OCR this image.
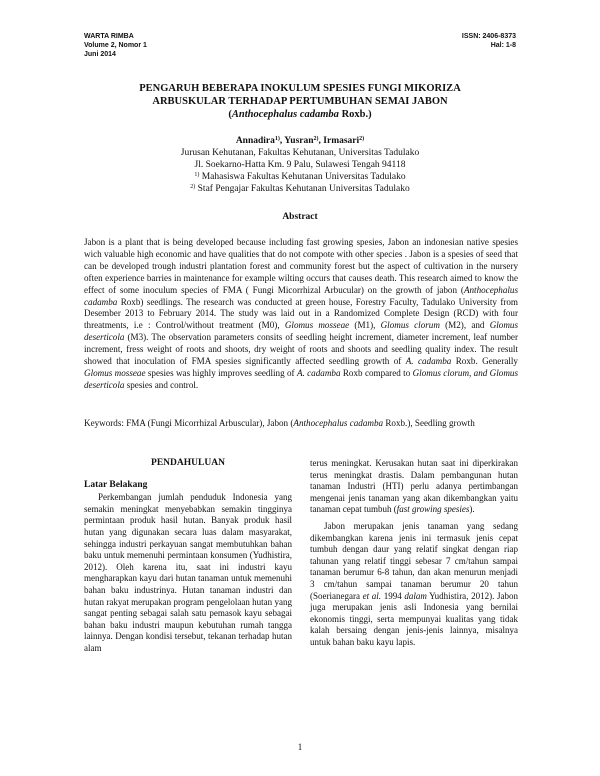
WARTA RIMBA
Volume 2, Nomor 1
Juni 2014
ISSN: 2406-8373
Hal: 1-8
PENGARUH BEBERAPA INOKULUM SPESIES FUNGI MIKORIZA
ARBUSKULAR TERHADAP PERTUMBUHAN SEMAI JABON
(Anthocephalus cadamba Roxb.)
Annadira$^{1)}$, Yusran$^{2)}$, Irmasari$^{2)}$
Jurusan Kehutanan, Fakultas Kehutanan, Universitas Tadulako
Jl. Soekarno-Hatta Km. 9 Palu, Sulawesi Tengah 94118
$^{1)}$ Mahasiswa Fakultas Kehutanan Universitas Tadulako
$^{2)}$ Staf Pengajar Fakultas Kehutanan Universitas Tadulako
Abstract
Jabon is a plant that is being developed because including fast growing spesies, Jabon an indonesian native spesies wich valuable high economic and have qualities that do not compote with other species . Jabon is a spesies of seed that can be developed trough industri plantation forest and community forest but the aspect of cultivation in the nursery often experience barries in maintenance for example wilting occurs that causes death. This research aimed to know the effect of some inoculum species of FMA ( Fungi Micorrhizal Arbucular) on the growth of jabon (Anthocephalus cadamba Roxb) seedlings. The research was conducted at green house, Forestry Faculty, Tadulako University from Desember 2013 to February 2014. The study was laid out in a Randomized Complete Design (RCD) with four threatments, i.e : Control/without treatment (M0), Glomus mosseae (M1), Glomus clorum (M2), and Glomus deserticola (M3). The observation parameters consits of seedling height increment, diameter increment, leaf number increment, fress weight of roots and shoots, dry weight of roots and shoots and seedling quality index. The result showed that inoculation of FMA spesies significantly affected seedling growth of A. cadamba Roxb. Generally Glomus mosseae spesies was highly improves seedling of A. cadamba Roxb compared to Glomus clorum, and Glomus deserticola spesies and control.
Keywords: FMA (Fungi Micorrhizal Arbuscular), Jabon (Anthocephalus cadamba Roxb.), Seedling growth
PENDAHULUAN
Latar Belakang

Perkembangan jumlah penduduk Indonesia yang semakin meningkat menyebabkan semakin tingginya permintaan produk hasil hutan. Banyak produk hasil hutan yang digunakan secara luas dalam masyarakat, sehingga industri perkayuan sangat membutuhkan bahan baku untuk memenuhi permintaan konsumen (Yudhistira, 2012). Oleh karena itu, saat ini industri kayu mengharapkan kayu dari hutan tanaman untuk memenuhi bahan baku industrinya. Hutan tanaman industri dan hutan rakyat merupakan program pengelolaan hutan yang sangat penting sebagai salah satu pemasok kayu sebagai bahan baku industri maupun kebutuhan rumah tangga lainnya. Dengan kondisi tersebut, tekanan terhadap hutan alam

terus meningkat. Kerusakan hutan saat ini diperkirakan terus meningkat drastis. Dalam pembangunan hutan tanaman Industri (HTI) perlu adanya pertimbangan mengenai jenis tanaman yang akan dikembangkan yaitu tanaman cepat tumbuh (fast growing spesies).

Jabon merupakan jenis tanaman yang sedang dikembangkan karena jenis ini termasuk jenis cepat tumbuh dengan daur yang relatif singkat dengan riap tahunan yang relatif tinggi sebesar 7 cm/tahun sampai tanaman berumur 6-8 tahun, dan akan menurun menjadi 3 cm/tahun sampai tanaman berumur 20 tahun (Soerianegara et al. 1994 dalam Yudhistira, 2012). Jabon juga merupakan jenis asli Indonesia yang bernilai ekonomis tinggi, serta mempunyai kualitas yang tidak kalah bersaing dengan jenis-jenis lainnya, misalnya untuk bahan baku kayu lapis.

1
